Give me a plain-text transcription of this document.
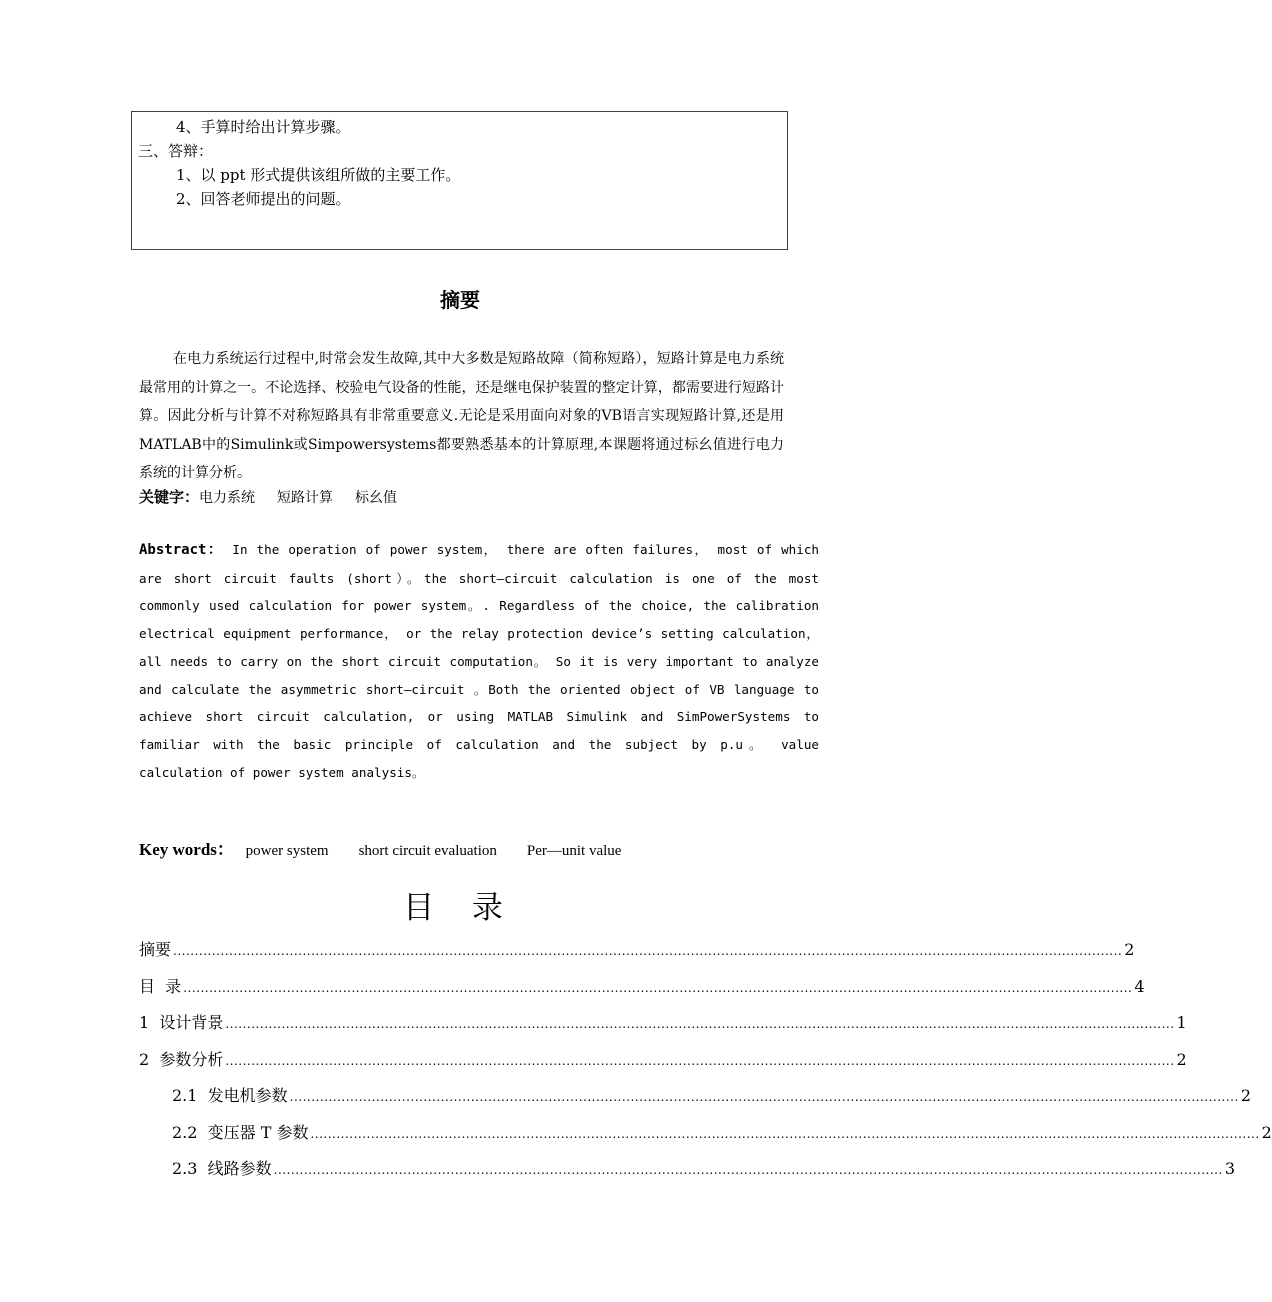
4、手算时给出计算步骤。
三、答辩：
1、以 ppt 形式提供该组所做的主要工作。
2、回答老师提出的问题。
摘要
在电力系统运行过程中,时常会发生故障,其中大多数是短路故障（简称短路），短路计算是电力系统最常用的计算之一。不论选择、校验电气设备的性能，还是继电保护装置的整定计算，都需要进行短路计算。因此分析与计算不对称短路具有非常重要意义.无论是采用面向对象的VB语言实现短路计算,还是用MATLAB中的Simulink或Simpowersystems都要熟悉基本的计算原理,本课题将通过标幺值进行电力系统的计算分析。
关键字：电力系统 短路计算 标幺值
Abstract： In the operation of power system， there are often failures， most of which are short circuit faults (short）。the short—circuit calculation is one of the most commonly used calculation for power system。. Regardless of the choice, the calibration electrical equipment performance， or the relay protection device’s setting calculation， all needs to carry on the short circuit computation。 So it is very important to analyze and calculate the asymmetric short—circuit 。Both the oriented object of VB language to achieve short circuit calculation, or using MATLAB Simulink and SimPowerSystems to familiar with the basic principle of calculation and the subject by p.u。 value calculation of power system analysis。
Key words： power system short circuit evaluation Per—unit value
目 录
摘要 ............................................................................................................................................................................................................................ 2
目  录 ............................................................................................................................................................................................................................ 4
1  设计背景 ............................................................................................................................................................................................................................ 1
2  参数分析 ............................................................................................................................................................................................................................ 2
2.1  发电机参数 ............................................................................................................................................................................................................................ 2
2.2  变压器 T 参数 ............................................................................................................................................................................................................................ 2
2.3  线路参数 ............................................................................................................................................................................................................................ 3
